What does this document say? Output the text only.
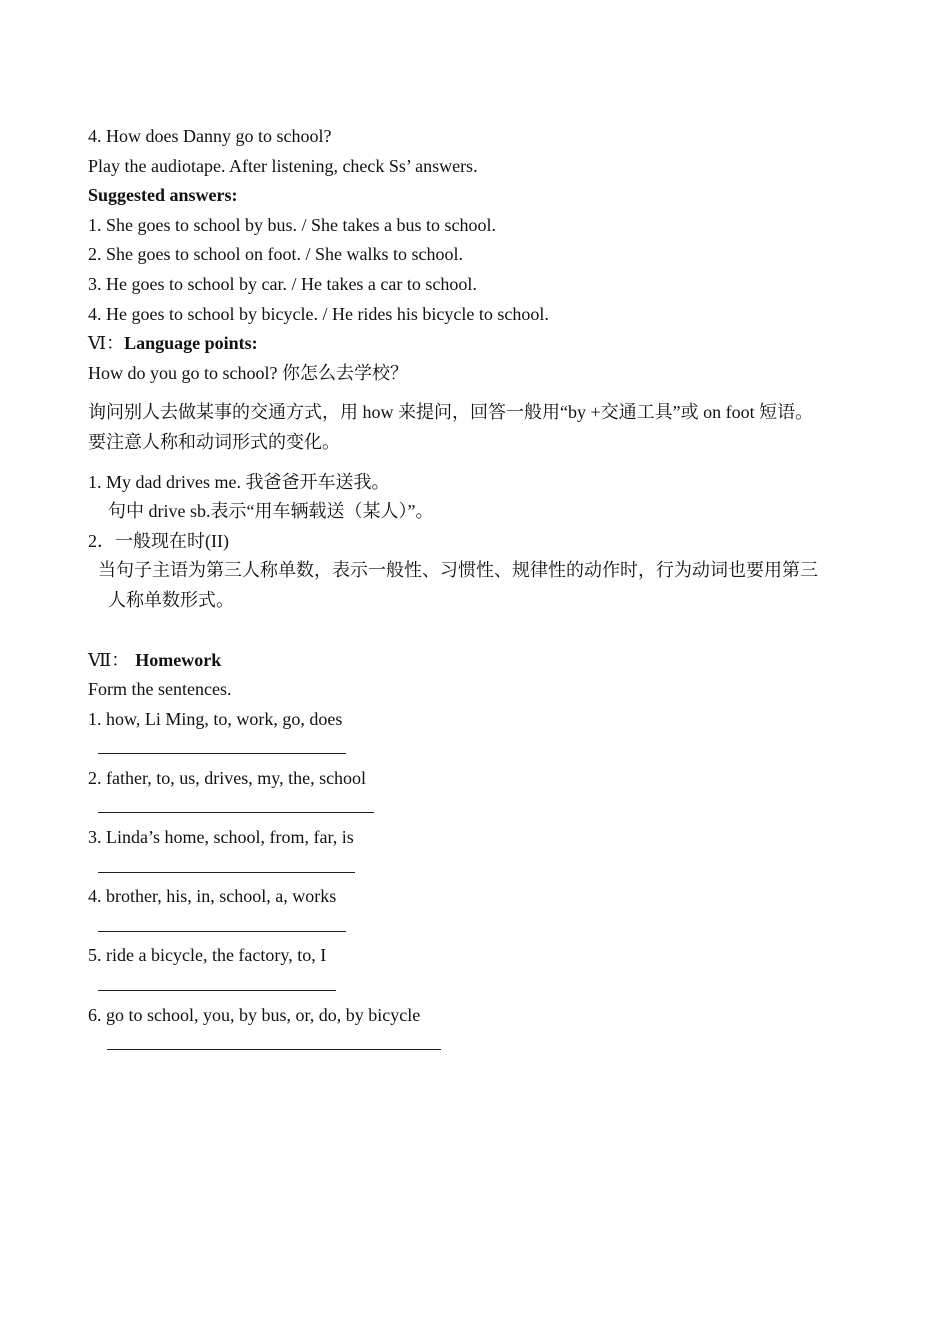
4. How does Danny go to school?
Play the audiotape. After listening, check Ss’ answers.
Suggested answers:
1. She goes to school by bus. / She takes a bus to school.
2. She goes to school on foot. / She walks to school.
3. He goes to school by car. / He takes a car to school.
4. He goes to school by bicycle. / He rides his bicycle to school.
Ⅵ：Language points:
How do you go to school? 你怎么去学校？
询问别人去做某事的交通方式，用 how 来提问，回答一般用“by +交通工具”或 on foot 短语。
要注意人称和动词形式的变化。
1. My dad drives me. 我爸爸开车送我。
句中 drive sb.表示“用车辆载送（某人）”。
2．一般现在时(II)
当句子主语为第三人称单数，表示一般性、习惯性、规律性的动作时，行为动词也要用第三
人称单数形式。
Ⅶ： Homework
Form the sentences.
1. how, Li Ming, to, work, go, does
2. father, to, us, drives, my, the, school
3. Linda’s home, school, from, far, is
4. brother, his, in, school, a, works
5. ride a bicycle, the factory, to, I
6. go to school, you, by bus, or, do, by bicycle
